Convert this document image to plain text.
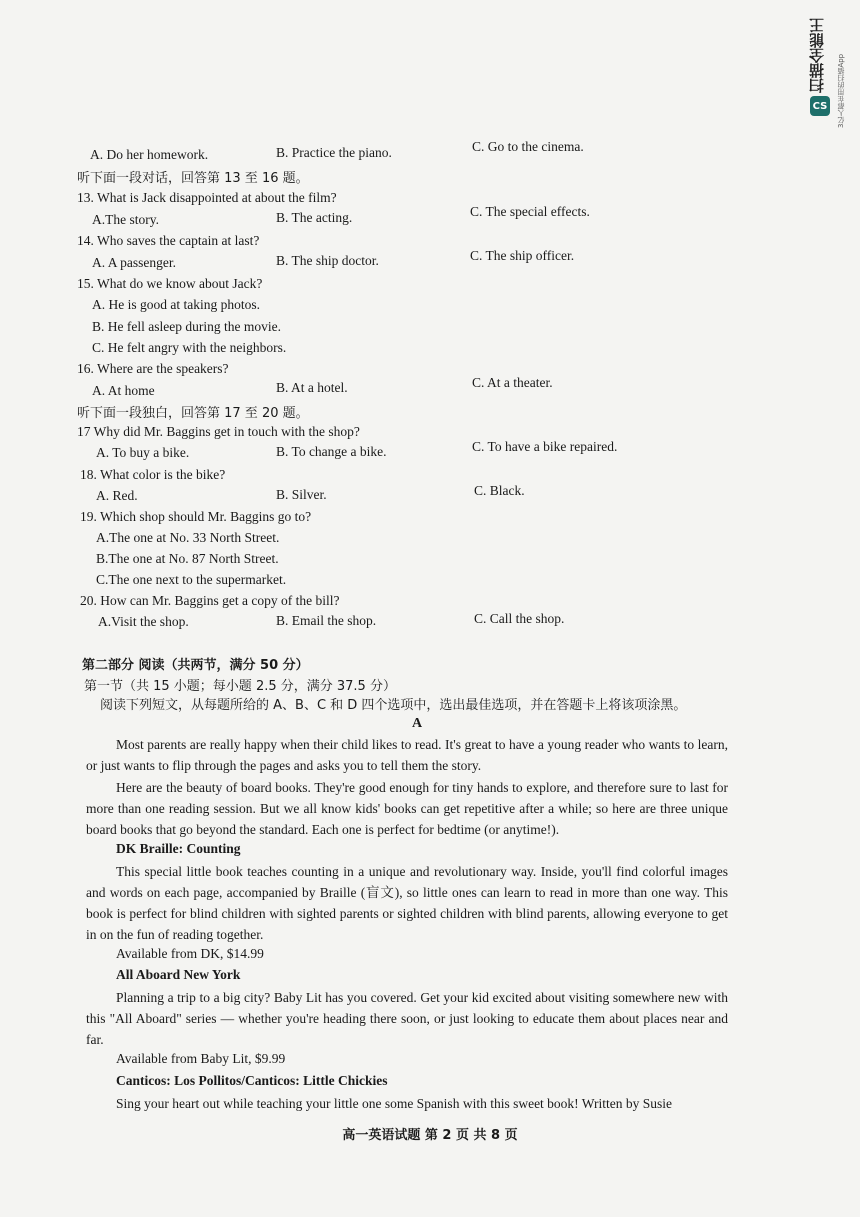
扫描全能王	3亿人都在用的扫描App
CS
A. Do her homework.	B. Practice the piano.	C. Go to the cinema.
听下面一段对话，回答第 13 至 16 题。
13. What is Jack disappointed at about the film?
A.The story.	B. The acting.	C. The special effects.
14. Who saves the captain at last?
A. A passenger.	B. The ship doctor.	C. The ship officer.
15. What do we know about Jack?
A. He is good at taking photos.
B. He fell asleep during the movie.
C. He felt angry with the neighbors.
16. Where are the speakers?
A. At home	B. At a hotel.	C. At a theater.
听下面一段独白，回答第 17 至 20 题。
17 Why did Mr. Baggins get in touch with the shop?
A. To buy a bike.	B. To change a bike.	C. To have a bike repaired.
18. What color is the bike?
A. Red.	B. Silver.	C. Black.
19. Which shop should Mr. Baggins go to?
A.The one at No. 33 North Street.
B.The one at No. 87 North Street.
C.The one next to the supermarket.
20. How can Mr. Baggins get a copy of the bill?
A.Visit the shop.	B. Email the shop.	C. Call the shop.
第二部分 阅读（共两节，满分 50 分）
第一节（共 15 小题；每小题 2.5 分，满分 37.5 分）
阅读下列短文，从每题所给的 A、B、C 和 D 四个选项中，选出最佳选项，并在答题卡上将该项涂黑。
A
Most parents are really happy when their child likes to read. It's great to have a young reader who wants to learn, or just wants to flip through the pages and asks you to tell them the story.
Here are the beauty of board books. They're good enough for tiny hands to explore, and therefore sure to last for more than one reading session. But we all know kids' books can get repetitive after a while; so here are three unique board books that go beyond the standard. Each one is perfect for bedtime (or anytime!).
DK Braille: Counting
This special little book teaches counting in a unique and revolutionary way. Inside, you'll find colorful images and words on each page, accompanied by Braille (盲文), so little ones can learn to read in more than one way. This book is perfect for blind children with sighted parents or sighted children with blind parents, allowing everyone to get in on the fun of reading together.
Available from DK, $14.99
All Aboard New York
Planning a trip to a big city? Baby Lit has you covered. Get your kid excited about visiting somewhere new with this "All Aboard" series — whether you're heading there soon, or just looking to educate them about places near and far.
Available from Baby Lit, $9.99
Canticos: Los Pollitos/Canticos: Little Chickies
Sing your heart out while teaching your little one some Spanish with this sweet book! Written by Susie
高一英语试题 第 2 页 共 8 页
